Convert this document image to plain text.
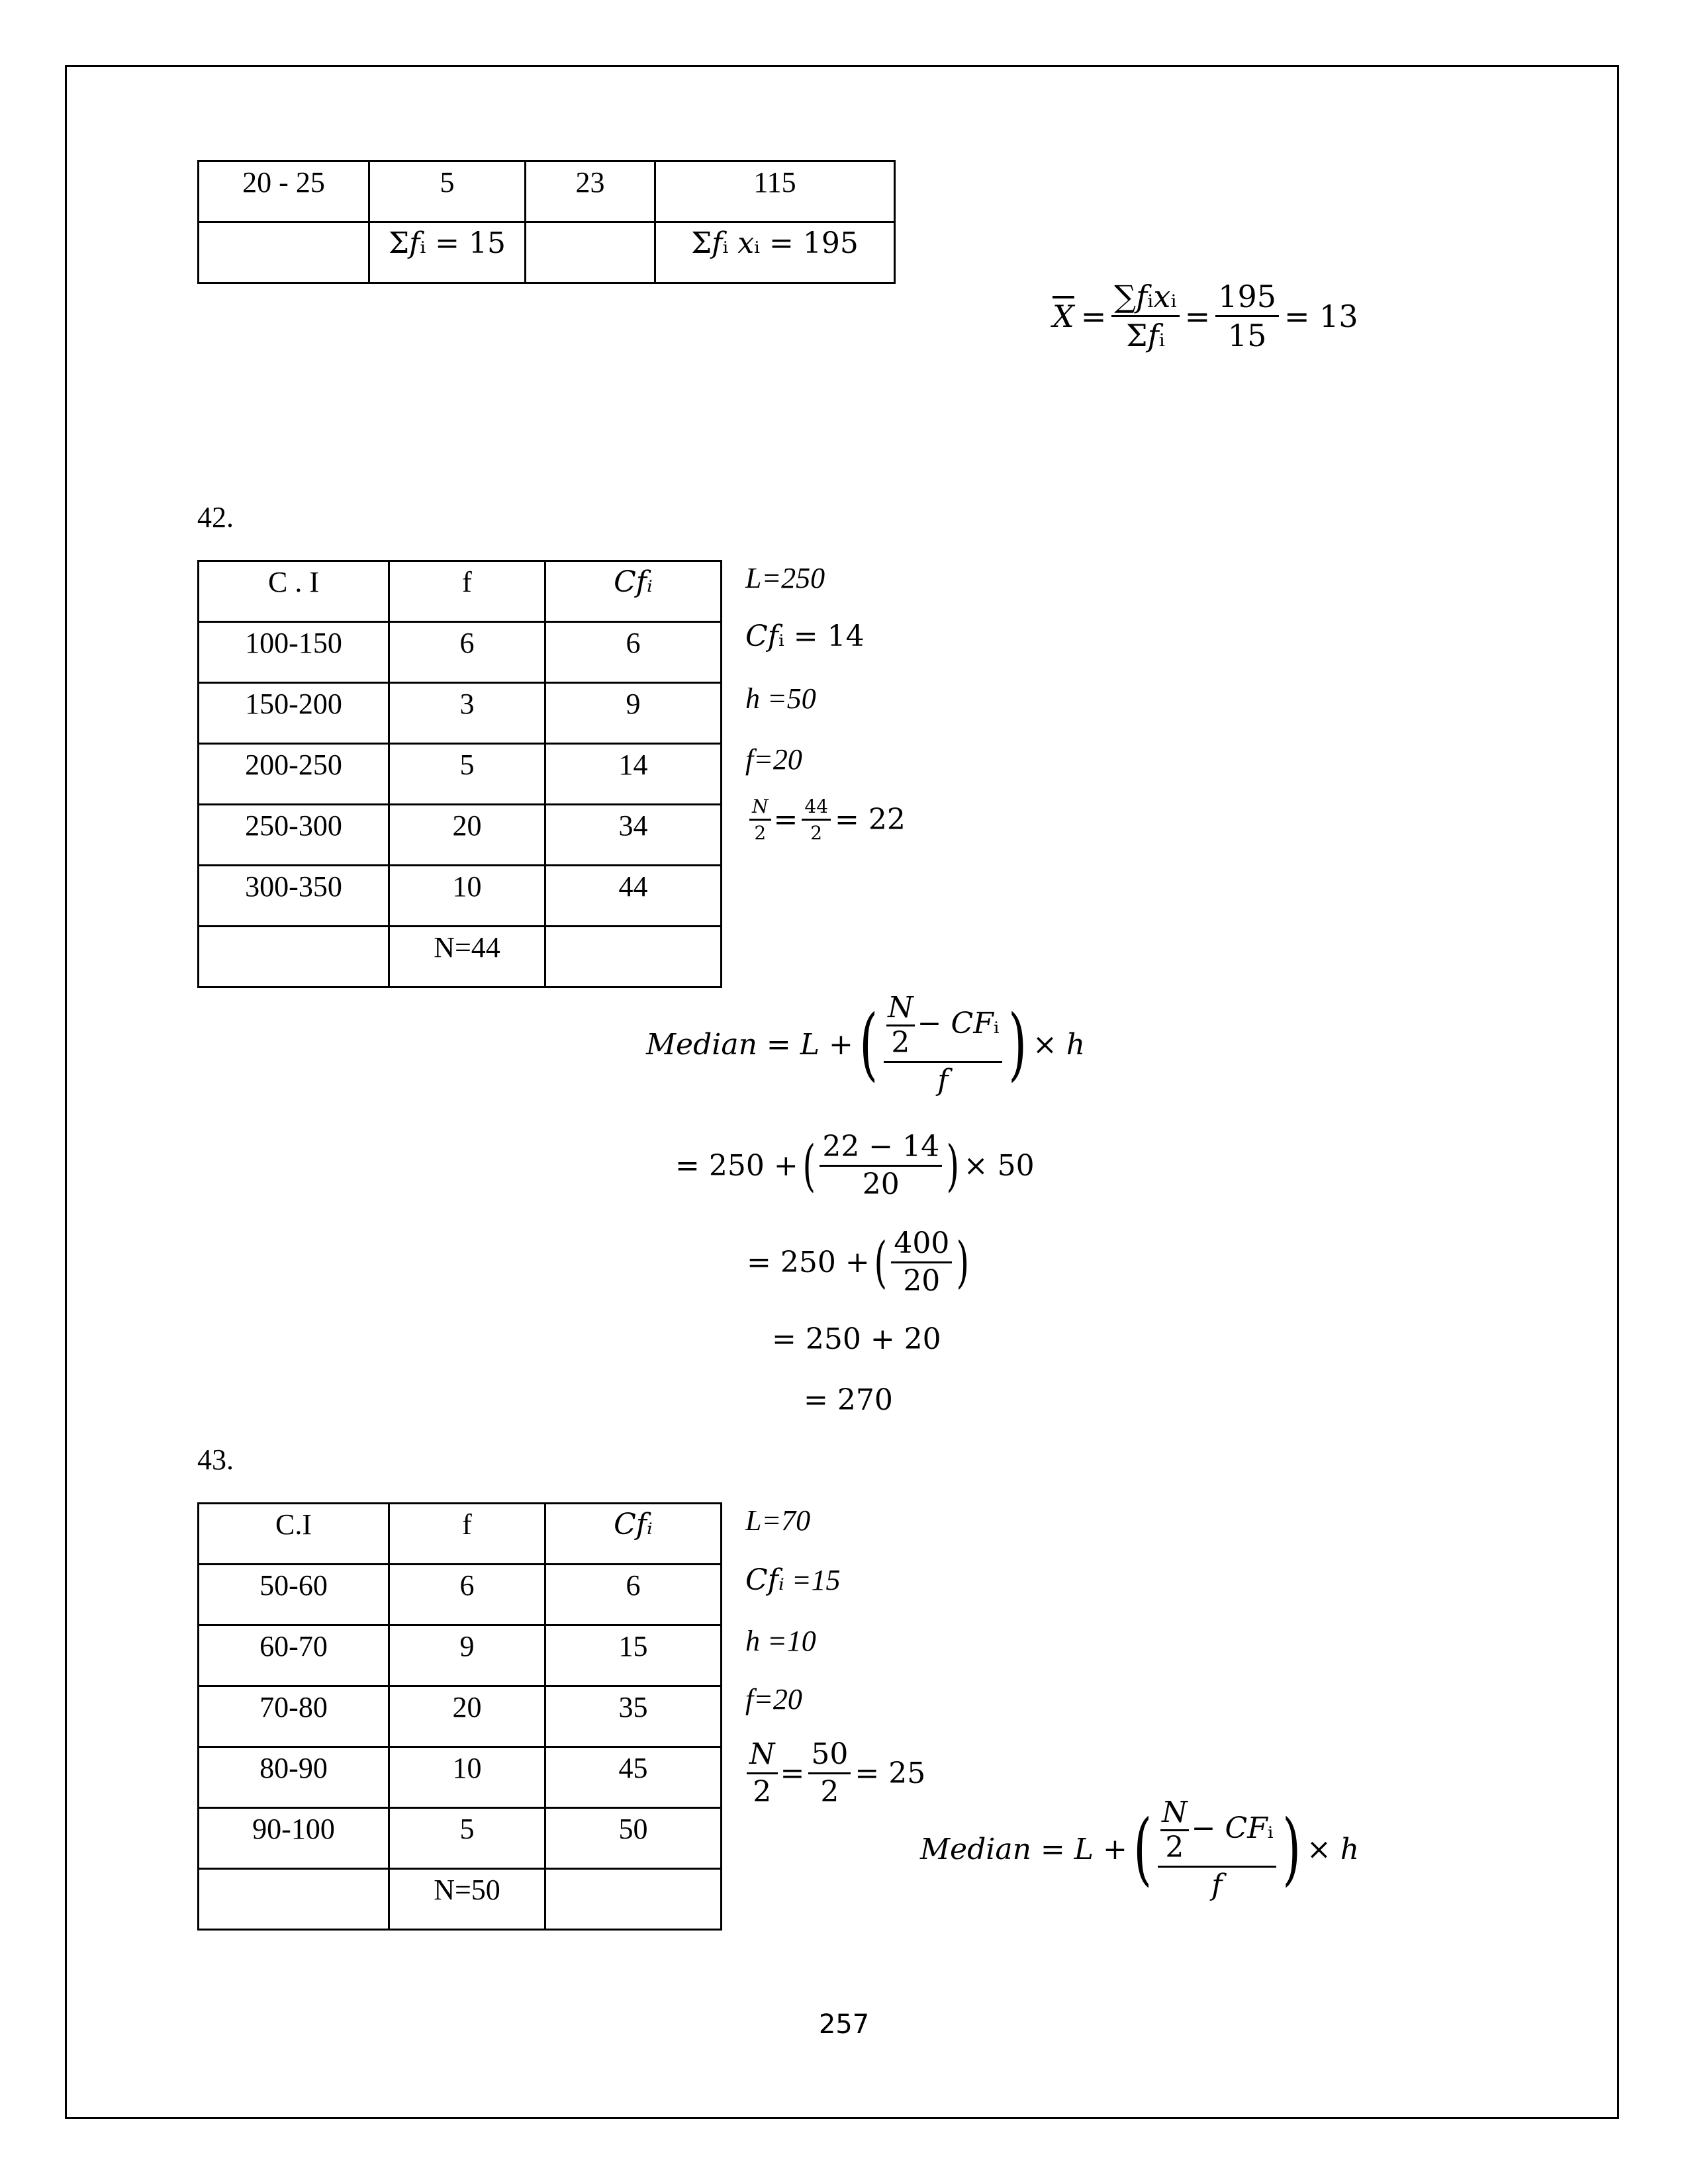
20 - 25	5	23	115
	Σ𝑓ᵢ = 15		Σ𝑓ᵢ 𝑥ᵢ = 195
$\overline{X} = \frac{\text{∑𝑓ᵢ𝑥ᵢ}}{\text{Σ𝑓ᵢ}} = \frac{195}{15} = 13$
42.
C . I	f	𝐶𝑓ᵢ
100-150	6	6
150-200	3	9
200-250	5	14
250-300	20	34
300-350	10	44
	N=44	
L=250
𝐶𝑓ᵢ = 14
h =50
f=20
$\frac{\text{𝑁}}{2} = \frac{44}{2} = 22$
𝑀𝑒𝑑𝑖𝑎𝑛 = 𝐿 + ( $\frac{\frac{\text{𝑁}}{2} - 𝐶𝐹ᵢ}{\text{𝑓}}$ ) × ℎ
= 250 + ( $\frac{22 - 14}{20}$ ) × 50
= 250 + ( $\frac{400}{20}$ )
= 250 + 20
= 270
43.
C.I	f	𝐶𝑓ᵢ
50-60	6	6
60-70	9	15
70-80	20	35
80-90	10	45
90-100	5	50
	N=50	
L=70
𝐶𝑓ᵢ =15
h =10
f=20
$\frac{\text{𝑁}}{2} = \frac{50}{2} = 25$
𝑀𝑒𝑑𝑖𝑎𝑛 = 𝐿 + ( $\frac{\frac{\text{𝑁}}{2} - 𝐶𝐹ᵢ}{\text{𝑓}}$ ) × ℎ
257
